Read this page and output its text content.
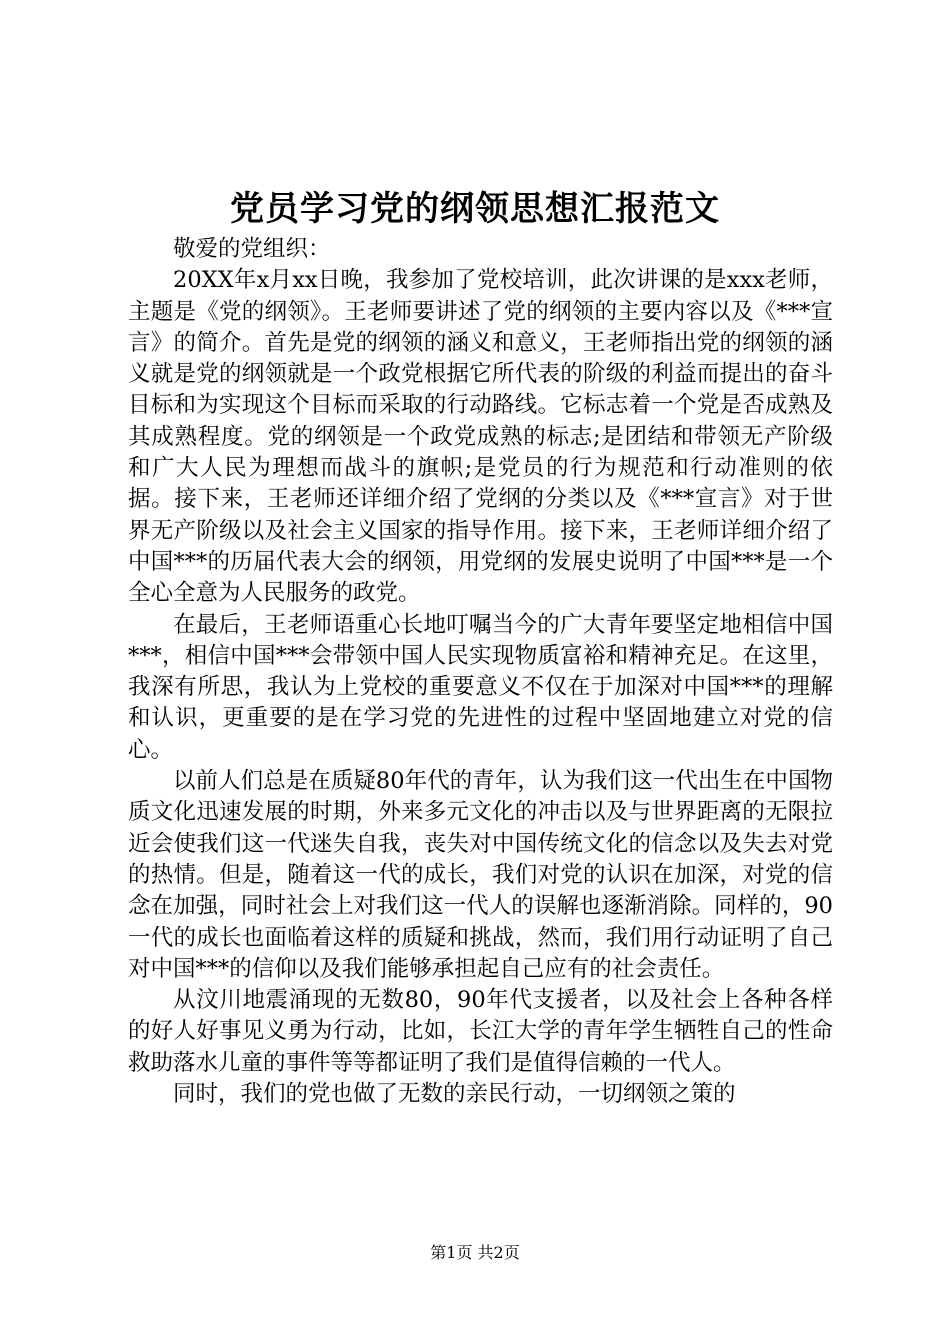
党员学习党的纲领思想汇报范文

敬爱的党组织：

20XX年x月xx日晚，我参加了党校培训，此次讲课的是xxx老师，主题是《党的纲领》。王老师要讲述了党的纲领的主要内容以及《***宣言》的简介。首先是党的纲领的涵义和意义，王老师指出党的纲领的涵义就是党的纲领就是一个政党根据它所代表的阶级的利益而提出的奋斗目标和为实现这个目标而采取的行动路线。它标志着一个党是否成熟及其成熟程度。党的纲领是一个政党成熟的标志;是团结和带领无产阶级和广大人民为理想而战斗的旗帜;是党员的行为规范和行动准则的依据。接下来，王老师还详细介绍了党纲的分类以及《***宣言》对于世界无产阶级以及社会主义国家的指导作用。接下来，王老师详细介绍了中国***的历届代表大会的纲领，用党纲的发展史说明了中国***是一个全心全意为人民服务的政党。

在最后，王老师语重心长地叮嘱当今的广大青年要坚定地相信中国***，相信中国***会带领中国人民实现物质富裕和精神充足。在这里，我深有所思，我认为上党校的重要意义不仅在于加深对中国***的理解和认识，更重要的是在学习党的先进性的过程中坚固地建立对党的信心。

以前人们总是在质疑80年代的青年，认为我们这一代出生在中国物质文化迅速发展的时期，外来多元文化的冲击以及与世界距离的无限拉近会使我们这一代迷失自我，丧失对中国传统文化的信念以及失去对党的热情。但是，随着这一代的成长，我们对党的认识在加深，对党的信念在加强，同时社会上对我们这一代人的误解也逐渐消除。同样的，90一代的成长也面临着这样的质疑和挑战，然而，我们用行动证明了自己对中国***的信仰以及我们能够承担起自己应有的社会责任。

从汶川地震涌现的无数80，90年代支援者，以及社会上各种各样的好人好事见义勇为行动，比如，长江大学的青年学生牺牲自己的性命救助落水儿童的事件等等都证明了我们是值得信赖的一代人。

同时，我们的党也做了无数的亲民行动，一切纲领之策的

第1页 共2页
